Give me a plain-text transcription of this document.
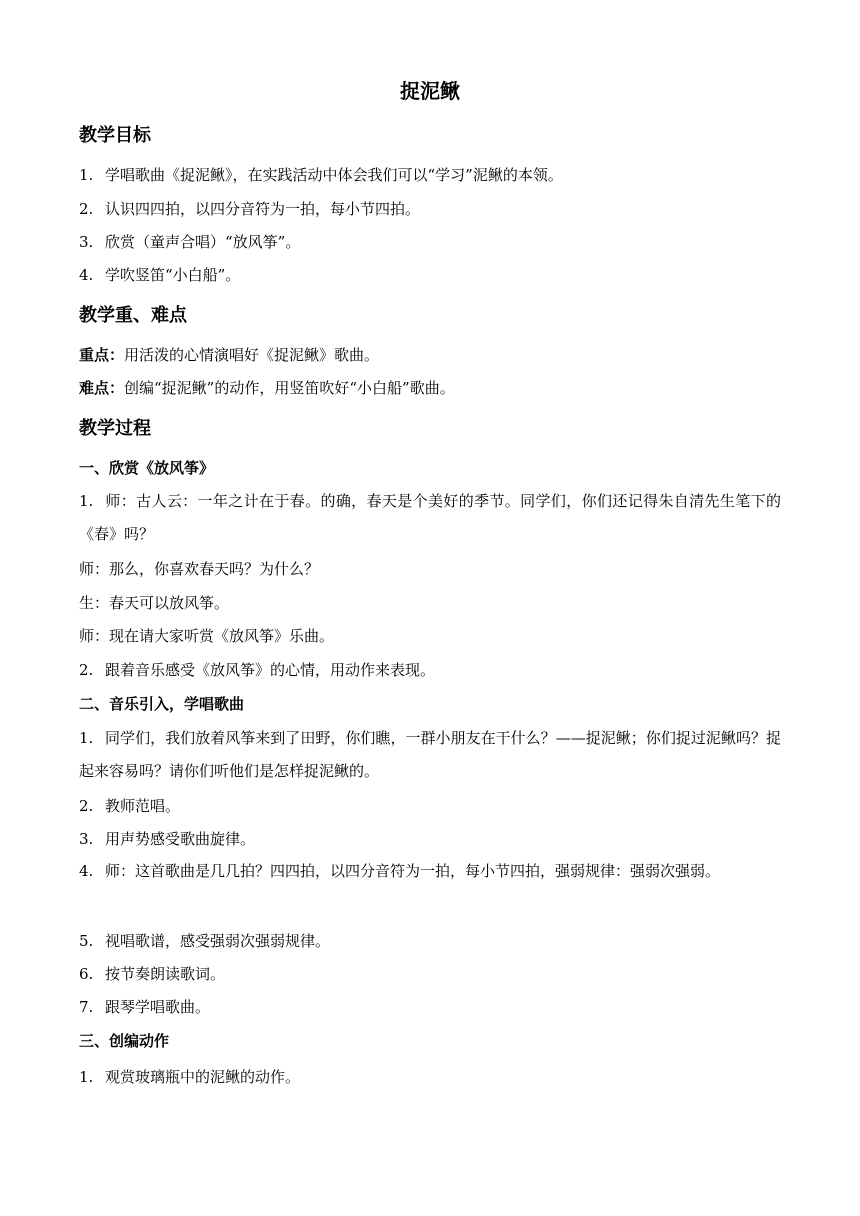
捉泥鳅
教学目标
1. 学唱歌曲《捉泥鳅》，在实践活动中体会我们可以“学习”泥鳅的本领。
2. 认识四四拍，以四分音符为一拍，每小节四拍。
3. 欣赏（童声合唱）“放风筝”。
4. 学吹竖笛“小白船”。
教学重、难点
重点：用活泼的心情演唱好《捉泥鳅》歌曲。
难点：创编“捉泥鳅”的动作，用竖笛吹好“小白船”歌曲。
教学过程
一、欣赏《放风筝》
1. 师：古人云：一年之计在于春。的确，春天是个美好的季节。同学们，你们还记得朱自清先生笔下的《春》吗？
师：那么，你喜欢春天吗？为什么？
生：春天可以放风筝。
师：现在请大家听赏《放风筝》乐曲。
2. 跟着音乐感受《放风筝》的心情，用动作来表现。
二、音乐引入，学唱歌曲
1. 同学们，我们放着风筝来到了田野，你们瞧，一群小朋友在干什么？——捉泥鳅；你们捉过泥鳅吗？捉起来容易吗？请你们听他们是怎样捉泥鳅的。
2. 教师范唱。
3. 用声势感受歌曲旋律。
4. 师：这首歌曲是几几拍？四四拍，以四分音符为一拍，每小节四拍，强弱规律：强弱次强弱。
5. 视唱歌谱，感受强弱次强弱规律。
6. 按节奏朗读歌词。
7. 跟琴学唱歌曲。
三、创编动作
1. 观赏玻璃瓶中的泥鳅的动作。
